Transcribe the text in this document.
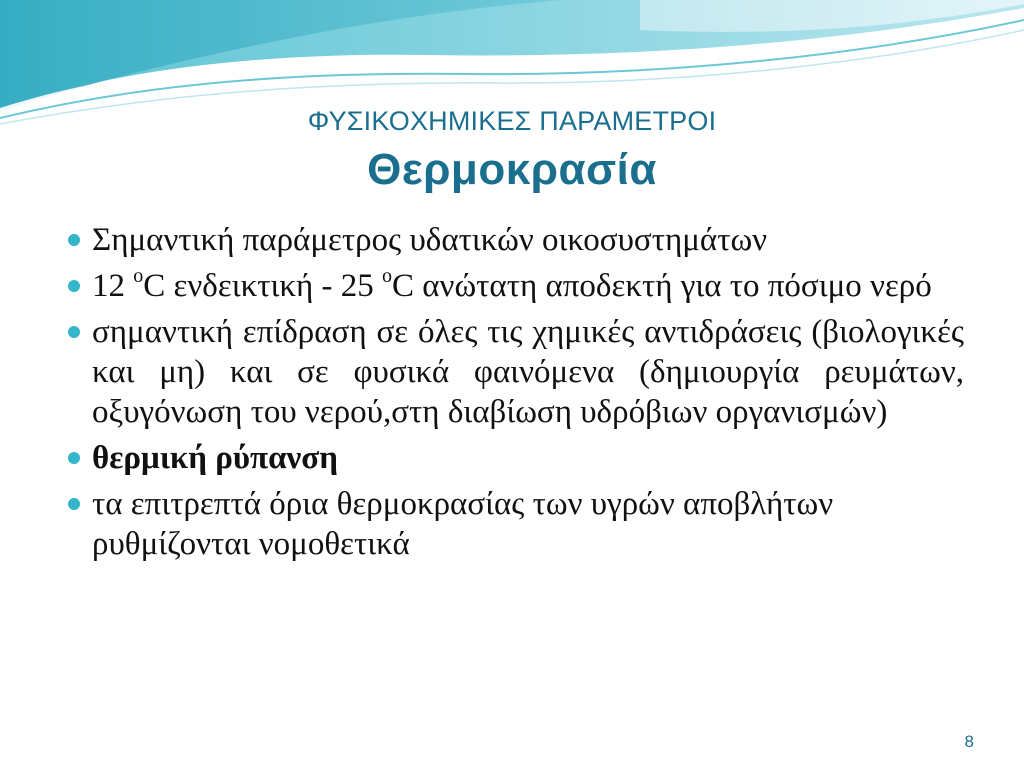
ΦΥΣΙΚΟΧΗΜΙΚΕΣ ΠΑΡΑΜΕΤΡΟΙ
Θερμοκρασία
Σημαντική παράμετρος υδατικών οικοσυστημάτων
12 $^o$C ενδεικτική - 25 $^o$C ανώτατη αποδεκτή για το πόσιμο νερό
σημαντική επίδραση σε όλες τις χημικές αντιδράσεις (βιολογικές και μη) και σε φυσικά φαινόμενα (δημιουργία ρευμάτων, οξυγόνωση του νερού,στη διαβίωση υδρόβιων οργανισμών)
θερμική ρύπανση
τα επιτρεπτά όρια θερμοκρασίας των υγρών αποβλήτων ρυθμίζονται νομοθετικά
8
